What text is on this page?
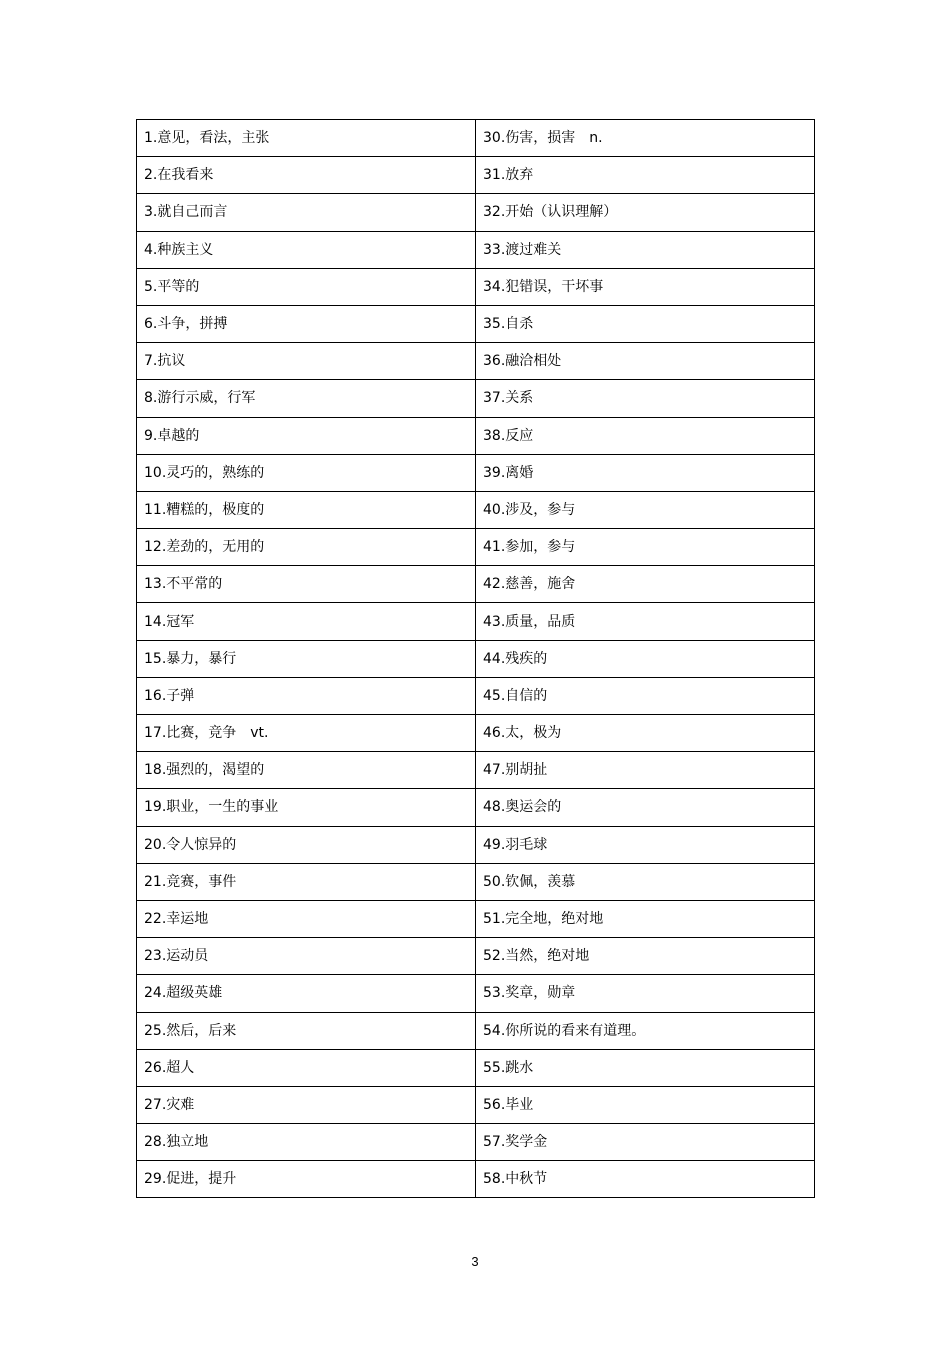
1.意见，看法，主张	30.伤害，损害　n.
2.在我看来	31.放弃
3.就自己而言	32.开始（认识理解）
4.种族主义	33.渡过难关
5.平等的	34.犯错误，干坏事
6.斗争，拼搏	35.自杀
7.抗议	36.融洽相处
8.游行示威，行军	37.关系
9.卓越的	38.反应
10.灵巧的，熟练的	39.离婚
11.糟糕的，极度的	40.涉及，参与
12.差劲的，无用的	41.参加，参与
13.不平常的	42.慈善，施舍
14.冠军	43.质量，品质
15.暴力，暴行	44.残疾的
16.子弹	45.自信的
17.比赛，竞争　vt.	46.太，极为
18.强烈的，渴望的	47.别胡扯
19.职业，一生的事业	48.奥运会的
20.令人惊异的	49.羽毛球
21.竞赛，事件	50.钦佩，羡慕
22.幸运地	51.完全地，绝对地
23.运动员	52.当然，绝对地
24.超级英雄	53.奖章，勋章
25.然后，后来	54.你所说的看来有道理。
26.超人	55.跳水
27.灾难	56.毕业
28.独立地	57.奖学金
29.促进，提升	58.中秋节
3
